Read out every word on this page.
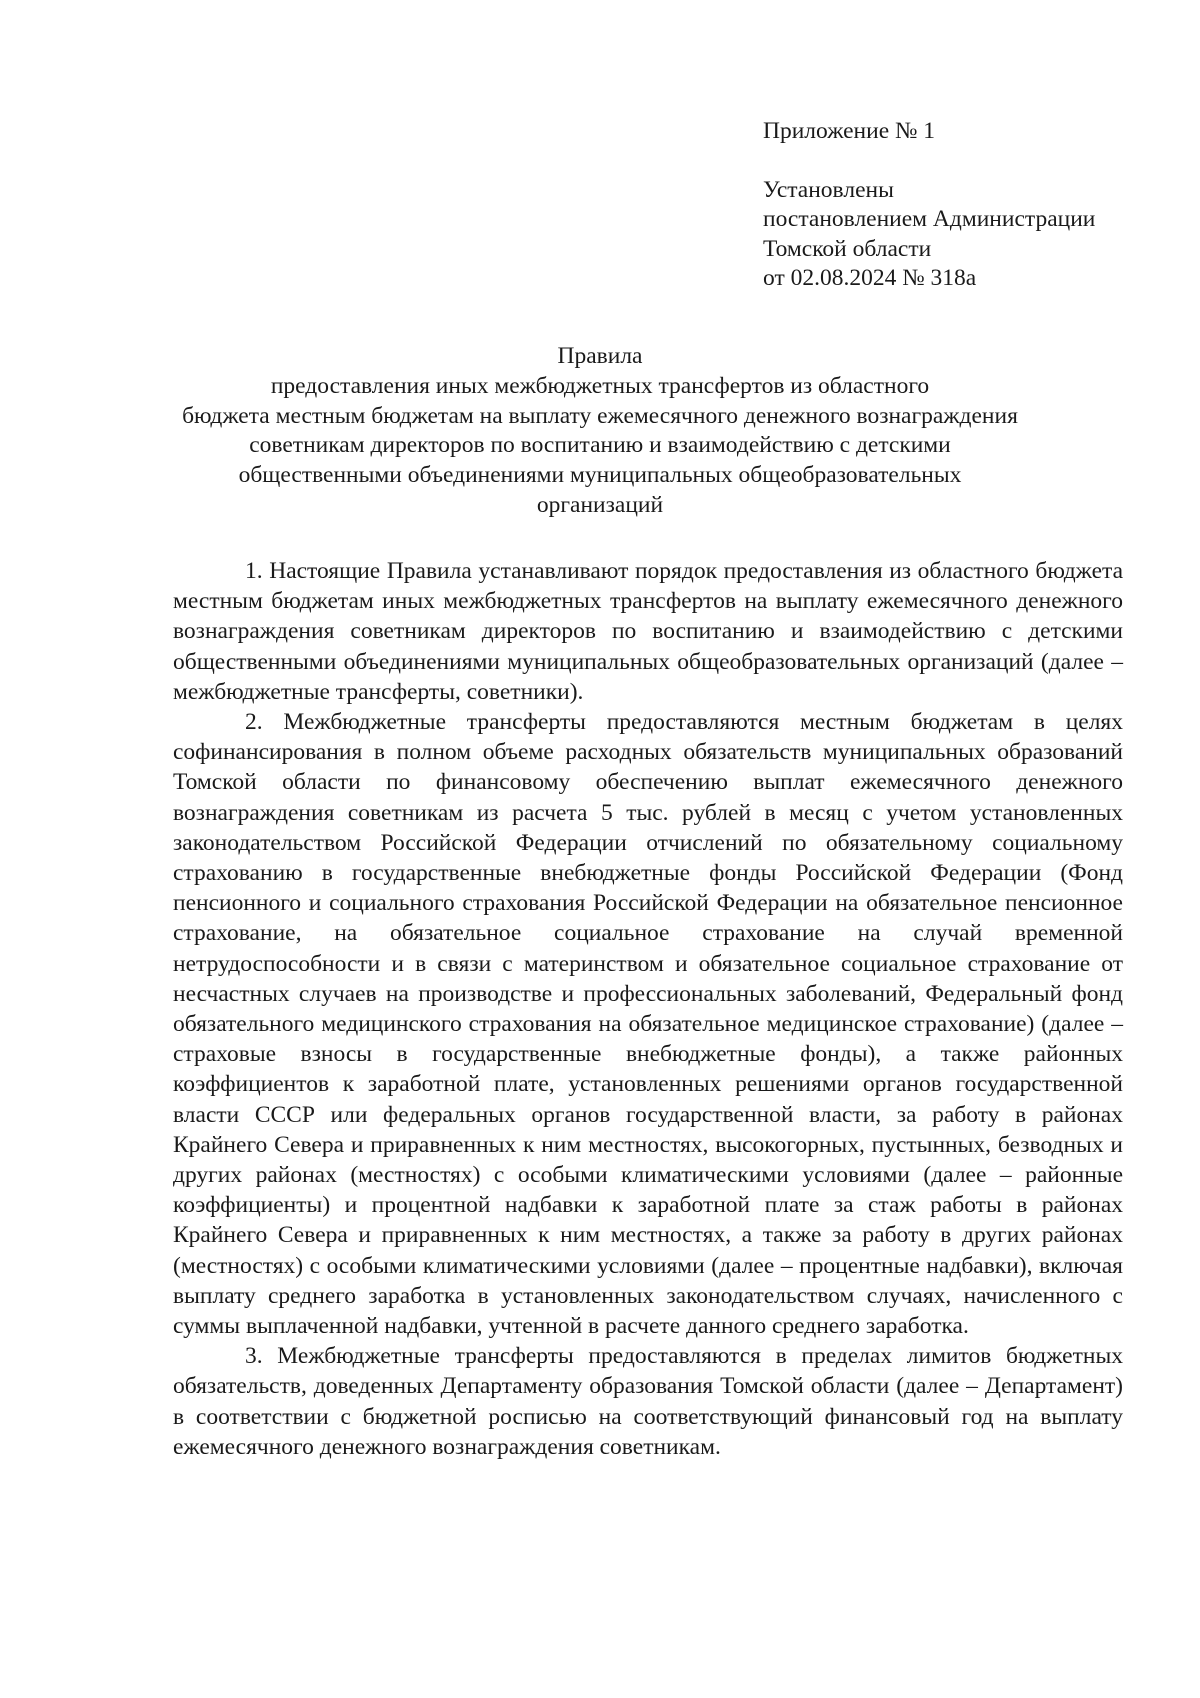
Приложение № 1
Установлены
постановлением Администрации
Томской области
от 02.08.2024 № 318а
Правила
предоставления иных межбюджетных трансфертов из областного
бюджета местным бюджетам на выплату ежемесячного денежного вознаграждения
советникам директоров по воспитанию и взаимодействию с детскими
общественными объединениями муниципальных общеобразовательных
организаций

1. Настоящие Правила устанавливают порядок предоставления из областного бюджета местным бюджетам иных межбюджетных трансфертов на выплату ежемесячного денежного вознаграждения советникам директоров по воспитанию и взаимодействию с детскими общественными объединениями муниципальных общеобразовательных организаций (далее – межбюджетные трансферты, советники).

2. Межбюджетные трансферты предоставляются местным бюджетам в целях софинансирования в полном объеме расходных обязательств муниципальных образований Томской области по финансовому обеспечению выплат ежемесячного денежного вознаграждения советникам из расчета 5 тыс. рублей в месяц с учетом установленных законодательством Российской Федерации отчислений по обязательному социальному страхованию в государственные внебюджетные фонды Российской Федерации (Фонд пенсионного и социального страхования Российской Федерации на обязательное пенсионное страхование, на обязательное социальное страхование на случай временной нетрудоспособности и в связи с материнством и обязательное социальное страхование от несчастных случаев на производстве и профессиональных заболеваний, Федеральный фонд обязательного медицинского страхования на обязательное медицинское страхование) (далее – страховые взносы в государственные внебюджетные фонды), а также районных коэффициентов к заработной плате, установленных решениями органов государственной власти СССР или федеральных органов государственной власти, за работу в районах Крайнего Севера и приравненных к ним местностях, высокогорных, пустынных, безводных и других районах (местностях) с особыми климатическими условиями (далее – районные коэффициенты) и процентной надбавки к заработной плате за стаж работы в районах Крайнего Севера и приравненных к ним местностях, а также за работу в других районах (местностях) с особыми климатическими условиями (далее – процентные надбавки), включая выплату среднего заработка в установленных законодательством случаях, начисленного с суммы выплаченной надбавки, учтенной в расчете данного среднего заработка.

3. Межбюджетные трансферты предоставляются в пределах лимитов бюджетных обязательств, доведенных Департаменту образования Томской области (далее – Департамент) в соответствии с бюджетной росписью на соответствующий финансовый год на выплату ежемесячного денежного вознаграждения советникам.
